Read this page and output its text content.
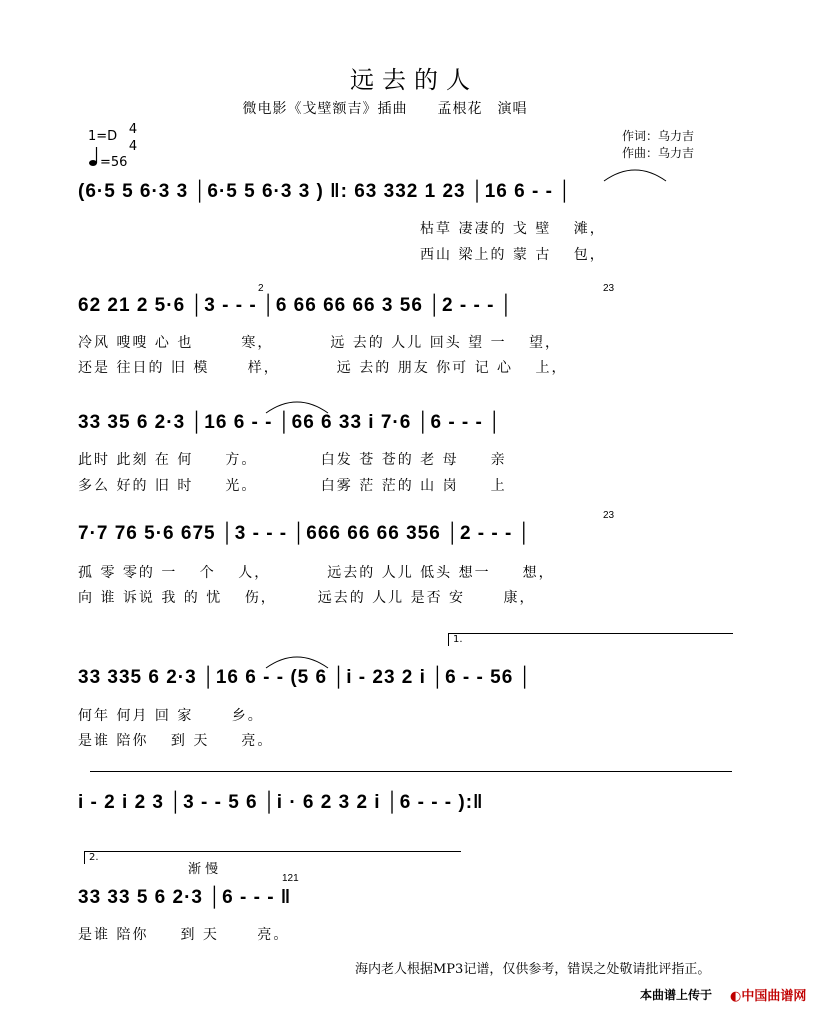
远去的人
微电影《戈壁额吉》插曲　　孟根花　演唱
1=D 4
4
=56
作词：乌力吉
作曲：乌力吉
(6·5 5 6·3 3 │6·5 5 6·3 3 ) ‖: 63 332 1 23 │16 6 - - │
枯草 凄凄的 戈 壁　 滩，
西山 梁上的 蒙 古　 包，
62 21 2 5·6 │3 - - - │6 66 66 66 3 56 │2 - - - │
2	23
冷风 嗖嗖 心 也　　　寒，　　　　远 去的 人儿 回头 望 一　 望，
还是 往日的 旧 模　　 样，　　　　远 去的 朋友 你可 记 心　 上，
33 35 6 2·3 │16 6 - - │66 6 33 i 7·6 │6 - - - │
此时 此刻 在 何　　方。　　　　 白发 苍 苍的 老 母　　亲
多么 好的 旧 时　　光。　　　　 白雾 茫 茫的 山 岗　　上
7·7 76 5·6 675 │3 - - - │666 66 66 356 │2 - - - │
23
孤 零 零的 一　 个　 人，　　　　远去的 人儿 低头 想一　　想，
向 谁 诉说 我 的 忧　 伤，　　　远去的 人儿 是否 安　　 康，
1.
33 335 6 2·3 │16 6 - - (5 6 │i - 23 2 i │6 - - 56 │
何年 何月 回 家　　 乡。
是谁 陪你　 到 天　　亮。
i - 2 i 2 3 │3 - - 5 6 │i · 6 2 3 2 i │6 - - - ):‖
2.
渐 慢
121
33 33 5 6 2·3 │6 - - - ‖
是谁 陪你　　到 天　　 亮。
海内老人根据MP3记谱，仅供参考，错误之处敬请批评指正。
本曲谱上传于 ◐中国曲谱网
